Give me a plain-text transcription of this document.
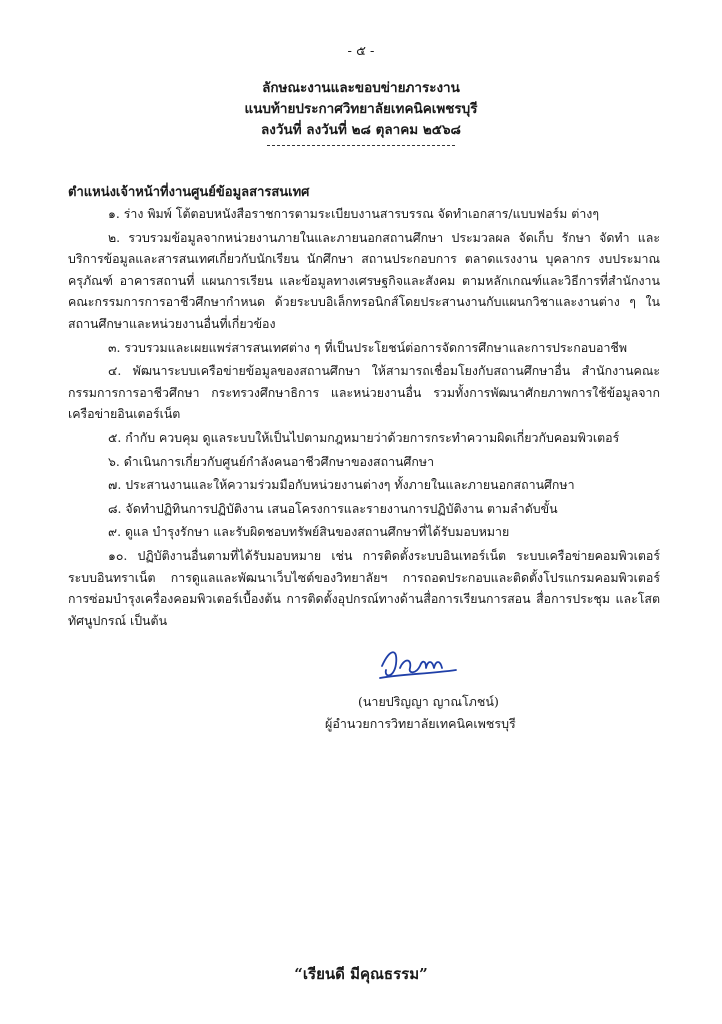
- ๕ -
ลักษณะงานและขอบข่ายภาระงาน
แนบท้ายประกาศวิทยาลัยเทคนิคเพชรบุรี
ลงวันที่ ลงวันที่ ๒๘ ตุลาคม ๒๕๖๘
ตำแหน่งเจ้าหน้าที่งานศูนย์ข้อมูลสารสนเทศ

๑. ร่าง พิมพ์ โต้ตอบหนังสือราชการตามระเบียบงานสารบรรณ จัดทำเอกสาร/แบบฟอร์ม ต่างๆ

๒. รวบรวมข้อมูลจากหน่วยงานภายในและภายนอกสถานศึกษา ประมวลผล จัดเก็บ รักษา จัดทำ และบริการข้อมูลและสารสนเทศเกี่ยวกับนักเรียน นักศึกษา สถานประกอบการ ตลาดแรงงาน บุคลากร งบประมาณ ครุภัณฑ์ อาคารสถานที่ แผนการเรียน และข้อมูลทางเศรษฐกิจและสังคม ตามหลักเกณฑ์และวิธีการที่สำนักงานคณะกรรมการการอาชีวศึกษากำหนด ด้วยระบบอิเล็กทรอนิกส์โดยประสานงานกับแผนกวิชาและงานต่าง ๆ ในสถานศึกษาและหน่วยงานอื่นที่เกี่ยวข้อง

๓. รวบรวมและเผยแพร่สารสนเทศต่าง ๆ ที่เป็นประโยชน์ต่อการจัดการศึกษาและการประกอบอาชีพ

๔. พัฒนาระบบเครือข่ายข้อมูลของสถานศึกษา ให้สามารถเชื่อมโยงกับสถานศึกษาอื่น สำนักงานคณะกรรมการการอาชีวศึกษา กระทรวงศึกษาธิการ และหน่วยงานอื่น รวมทั้งการพัฒนาศักยภาพการใช้ข้อมูลจากเครือข่ายอินเตอร์เน็ต

๕. กำกับ ควบคุม ดูแลระบบให้เป็นไปตามกฎหมายว่าด้วยการกระทำความผิดเกี่ยวกับคอมพิวเตอร์

๖. ดำเนินการเกี่ยวกับศูนย์กำลังคนอาชีวศึกษาของสถานศึกษา

๗. ประสานงานและให้ความร่วมมือกับหน่วยงานต่างๆ ทั้งภายในและภายนอกสถานศึกษา

๘. จัดทำปฏิทินการปฏิบัติงาน เสนอโครงการและรายงานการปฏิบัติงาน ตามลำดับขั้น

๙. ดูแล บำรุงรักษา และรับผิดชอบทรัพย์สินของสถานศึกษาที่ได้รับมอบหมาย

๑๐. ปฏิบัติงานอื่นตามที่ได้รับมอบหมาย เช่น การติดตั้งระบบอินเทอร์เน็ต ระบบเครือข่ายคอมพิวเตอร์ ระบบอินทราเน็ต การดูแลและพัฒนาเว็บไซต์ของวิทยาลัยฯ การถอดประกอบและติดตั้งโปรแกรมคอมพิวเตอร์ การซ่อมบำรุงเครื่องคอมพิวเตอร์เบื้องต้น การติดตั้งอุปกรณ์ทางด้านสื่อการเรียนการสอน สื่อการประชุม และโสตทัศนูปกรณ์ เป็นต้น

(นายปริญญา ญาณโภชน์)
ผู้อำนวยการวิทยาลัยเทคนิคเพชรบุรี
“เรียนดี มีคุณธรรม”
